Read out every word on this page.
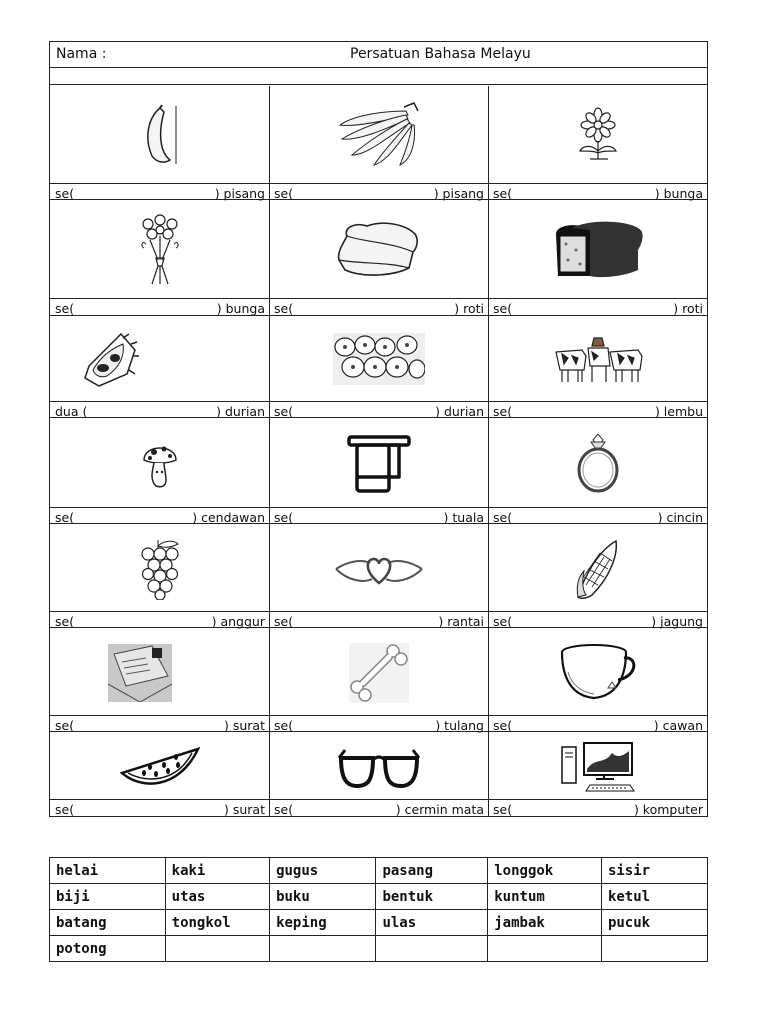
Nama :	Persatuan Bahasa Melayu
se(	) pisang se(	) pisang se(	) bunga
se(	) bunga se(	) roti se(	) roti
dua (	) durian se(	) durian se(	) lembu
se(	) cendawan se(	) tuala se(	) cincin
se(	) anggur se(	) rantai se(	) jagung
se(	) surat se(	) tulang se(	) cawan
se(	) surat se(	) cermin mata se(	) komputer
helai	kaki	gugus	pasang	longgok	sisir
biji	utas	buku	bentuk	kuntum	ketul
batang	tongkol	keping	ulas	jambak	pucuk
potong					
